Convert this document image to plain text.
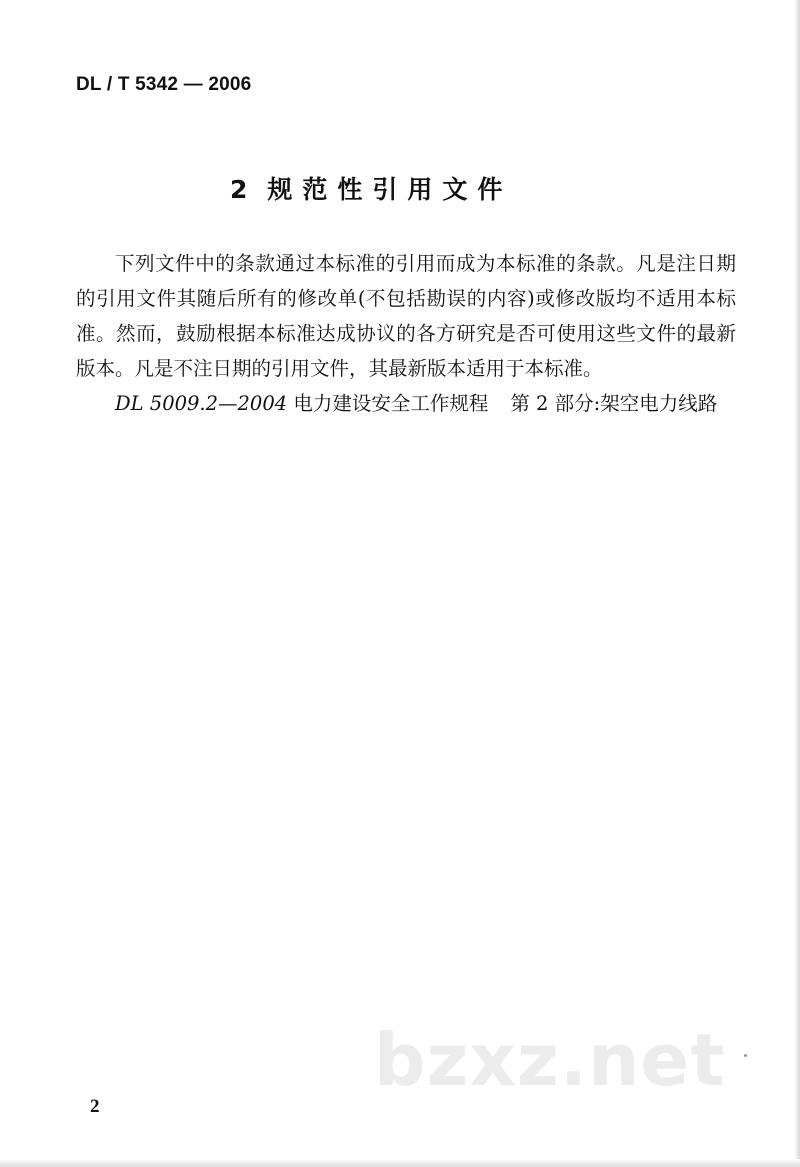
DL / T 5342 — 2006
2 规范性引用文件

下列文件中的条款通过本标准的引用而成为本标准的条款。凡是注日期的引用文件其随后所有的修改单(不包括勘误的内容)或修改版均不适用本标准。然而，鼓励根据本标准达成协议的各方研究是否可使用这些文件的最新版本。凡是不注日期的引用文件，其最新版本适用于本标准。

DL 5009.2—2004 电力建设安全工作规程 第 2 部分:架空电力线路

bzxz.net
2
